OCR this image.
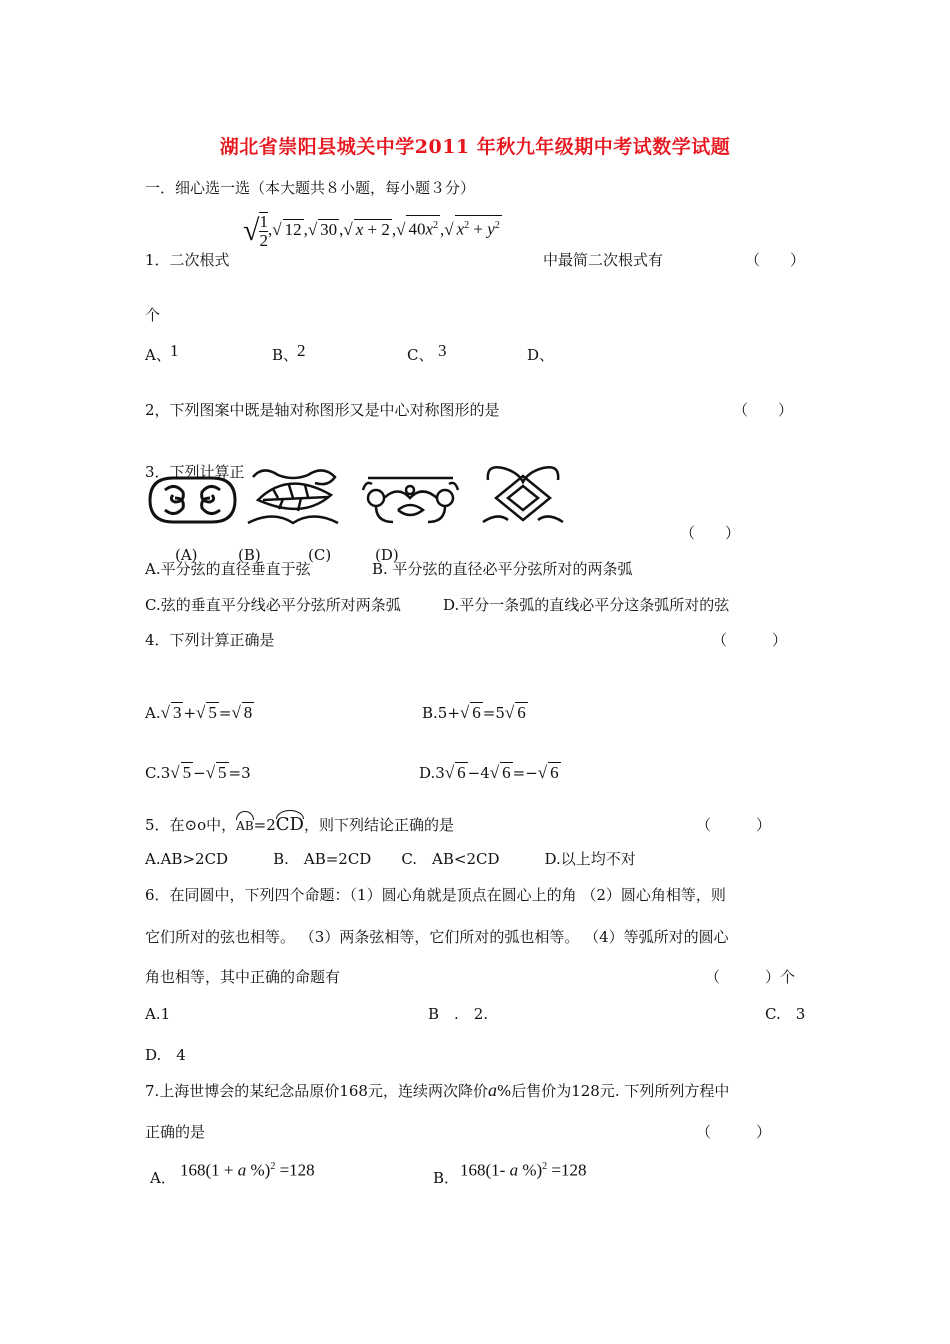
湖北省崇阳县城关中学2011 年秋九年级期中考试数学试题
一．细心选一选（本大题共８小题，每小题３分）
1．二次根式
√ $\frac{1}{2}$ ,√ 12 ,√ 30 ,√ x + 2 ,√ $40x^2$ ,√ $x^2 + y^2$
中最简二次根式有	（　　）
个
A、 1	B、
2	C、 3	D、
2，下列图案中既是轴对称图形又是中心对称图形的是	（　　）
3．下列计算正
（　　）
(A)	(B)	(C)	(D)
A.平分弦的直径垂直于弦	B. 平分弦的直径必平分弦所对的两条弧
C.弦的垂直平分线必平分弦所对两条弧	D.平分一条弧的直线必平分这条弧所对的弦
4．下列计算正确是	（　　　）
A.√ 3 +√ 5 =√ 8	B.5+√ 6 =5√ 6
C.3√ 5 −√ 5 =3	D.3√ 6 −4√ 6 =−√ 6
5．在⊙o中，AB=2CD，则下列结论正确的是	（　　　）
A.AB>2CD　　　B.　AB=2CD　　C.　AB<2CD　　　D.以上均不对
6．在同圆中，下列四个命题：（1）圆心角就是顶点在圆心上的角 （2）圆心角相等，则
它们所对的弦也相等。 （3）两条弦相等，它们所对的弧也相等。 （4）等弧所对的圆心
角也相等，其中正确的命题有	（　　　）个
A.1	B　.　2.	C.　3
D.　4
7.上海世博会的某纪念品原价168元，连续两次降价a%后售价为128元. 下列所列方程中
正确的是	（　　　）
A． 168(1 + a %)$^2$ =128	B． 168(1- a %)$^2$ =128
